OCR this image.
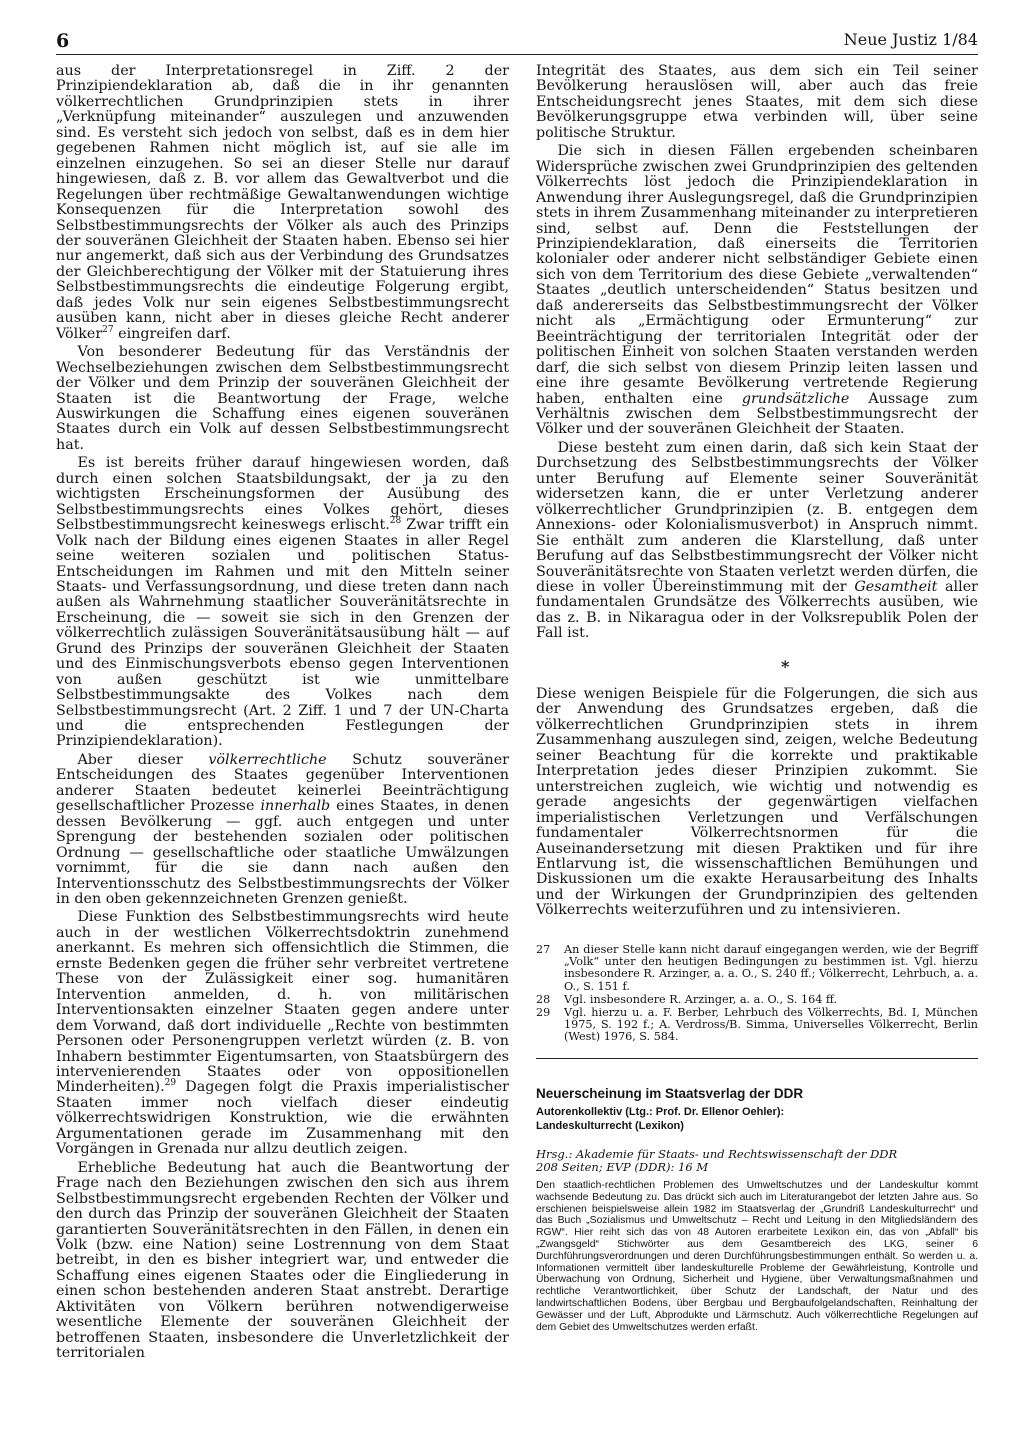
6	Neue Justiz 1/84

aus der Interpretationsregel in Ziff. 2 der Prinzipiendeklaration ab, daß die in ihr genannten völkerrechtlichen Grundprinzipien stets in ihrer „Verknüpfung miteinander“ auszulegen und anzuwenden sind. Es versteht sich jedoch von selbst, daß es in dem hier gegebenen Rahmen nicht möglich ist, auf sie alle im einzelnen einzugehen. So sei an dieser Stelle nur darauf hingewiesen, daß z. B. vor allem das Gewaltverbot und die Regelungen über rechtmäßige Gewaltanwendungen wichtige Konsequenzen für die Interpretation sowohl des Selbstbestimmungsrechts der Völker als auch des Prinzips der souveränen Gleichheit der Staaten haben. Ebenso sei hier nur angemerkt, daß sich aus der Verbindung des Grundsatzes der Gleichberechtigung der Völker mit der Statuierung ihres Selbstbestimmungsrechts die eindeutige Folgerung ergibt, daß jedes Volk nur sein eigenes Selbstbestimmungsrecht ausüben kann, nicht aber in dieses gleiche Recht anderer Völker$^{27}$ eingreifen darf.

Von besonderer Bedeutung für das Verständnis der Wechselbeziehungen zwischen dem Selbstbestimmungsrecht der Völker und dem Prinzip der souveränen Gleichheit der Staaten ist die Beantwortung der Frage, welche Auswirkungen die Schaffung eines eigenen souveränen Staates durch ein Volk auf dessen Selbstbestimmungsrecht hat.

Es ist bereits früher darauf hingewiesen worden, daß durch einen solchen Staatsbildungsakt, der ja zu den wichtigsten Erscheinungsformen der Ausübung des Selbstbestimmungsrechts eines Volkes gehört, dieses Selbstbestimmungsrecht keineswegs erlischt.$^{28}$ Zwar trifft ein Volk nach der Bildung eines eigenen Staates in aller Regel seine weiteren sozialen und politischen Status-Entscheidungen im Rahmen und mit den Mitteln seiner Staats- und Verfassungsordnung, und diese treten dann nach außen als Wahrnehmung staatlicher Souveränitätsrechte in Erscheinung, die — soweit sie sich in den Grenzen der völkerrechtlich zulässigen Souveränitätsausübung hält — auf Grund des Prinzips der souveränen Gleichheit der Staaten und des Einmischungsverbots ebenso gegen Interventionen von außen geschützt ist wie unmittelbare Selbstbestimmungsakte des Volkes nach dem Selbstbestimmungsrecht (Art. 2 Ziff. 1 und 7 der UN-Charta und die entsprechenden Festlegungen der Prinzipiendeklaration).

Aber dieser völkerrechtliche Schutz souveräner Entscheidungen des Staates gegenüber Interventionen anderer Staaten bedeutet keinerlei Beeinträchtigung gesellschaftlicher Prozesse innerhalb eines Staates, in denen dessen Bevölkerung — ggf. auch entgegen und unter Sprengung der bestehenden sozialen oder politischen Ordnung — gesellschaftliche oder staatliche Umwälzungen vornimmt, für die sie dann nach außen den Interventionsschutz des Selbstbestimmungsrechts der Völker in den oben gekennzeichneten Grenzen genießt.

Diese Funktion des Selbstbestimmungsrechts wird heute auch in der westlichen Völkerrechtsdoktrin zunehmend anerkannt. Es mehren sich offensichtlich die Stimmen, die ernste Bedenken gegen die früher sehr verbreitet vertretene These von der Zulässigkeit einer sog. humanitären Intervention anmelden, d. h. von militärischen Interventionsakten einzelner Staaten gegen andere unter dem Vorwand, daß dort individuelle „Rechte von bestimmten Personen oder Personengruppen verletzt würden (z. B. von Inhabern bestimmter Eigentumsarten, von Staatsbürgern des intervenierenden Staates oder von oppositionellen Minderheiten).$^{29}$ Dagegen folgt die Praxis imperialistischer Staaten immer noch vielfach dieser eindeutig völkerrechtswidrigen Konstruktion, wie die erwähnten Argumentationen gerade im Zusammenhang mit den Vorgängen in Grenada nur allzu deutlich zeigen.

Erhebliche Bedeutung hat auch die Beantwortung der Frage nach den Beziehungen zwischen den sich aus ihrem Selbstbestimmungsrecht ergebenden Rechten der Völker und den durch das Prinzip der souveränen Gleichheit der Staaten garantierten Souveränitätsrechten in den Fällen, in denen ein Volk (bzw. eine Nation) seine Lostrennung von dem Staat betreibt, in den es bisher integriert war, und entweder die Schaffung eines eigenen Staates oder die Eingliederung in einen schon bestehenden anderen Staat anstrebt. Derartige Aktivitäten von Völkern berühren notwendigerweise wesentliche Elemente der souveränen Gleichheit der betroffenen Staaten, insbesondere die Unverletzlichkeit der territorialen

Integrität des Staates, aus dem sich ein Teil seiner Bevölkerung herauslösen will, aber auch das freie Entscheidungsrecht jenes Staates, mit dem sich diese Bevölkerungsgruppe etwa verbinden will, über seine politische Struktur.

Die sich in diesen Fällen ergebenden scheinbaren Widersprüche zwischen zwei Grundprinzipien des geltenden Völkerrechts löst jedoch die Prinzipiendeklaration in Anwendung ihrer Auslegungsregel, daß die Grundprinzipien stets in ihrem Zusammenhang miteinander zu interpretieren sind, selbst auf. Denn die Feststellungen der Prinzipiendeklaration, daß einerseits die Territorien kolonialer oder anderer nicht selbständiger Gebiete einen sich von dem Territorium des diese Gebiete „verwaltenden“ Staates „deutlich unterscheidenden“ Status besitzen und daß andererseits das Selbstbestimmungsrecht der Völker nicht als „Ermächtigung oder Ermunterung“ zur Beeinträchtigung der territorialen Integrität oder der politischen Einheit von solchen Staaten verstanden werden darf, die sich selbst von diesem Prinzip leiten lassen und eine ihre gesamte Bevölkerung vertretende Regierung haben, enthalten eine grundsätzliche Aussage zum Verhältnis zwischen dem Selbstbestimmungsrecht der Völker und der souveränen Gleichheit der Staaten.

Diese besteht zum einen darin, daß sich kein Staat der Durchsetzung des Selbstbestimmungsrechts der Völker unter Berufung auf Elemente seiner Souveränität widersetzen kann, die er unter Verletzung anderer völkerrechtlicher Grundprinzipien (z. B. entgegen dem Annexions- oder Kolonialismusverbot) in Anspruch nimmt. Sie enthält zum anderen die Klarstellung, daß unter Berufung auf das Selbstbestimmungsrecht der Völker nicht Souveränitätsrechte von Staaten verletzt werden dürfen, die diese in voller Übereinstimmung mit der Gesamtheit aller fundamentalen Grundsätze des Völkerrechts ausüben, wie das z. B. in Nikaragua oder in der Volksrepublik Polen der Fall ist.

*

Diese wenigen Beispiele für die Folgerungen, die sich aus der Anwendung des Grundsatzes ergeben, daß die völkerrechtlichen Grundprinzipien stets in ihrem Zusammenhang auszulegen sind, zeigen, welche Bedeutung seiner Beachtung für die korrekte und praktikable Interpretation jedes dieser Prinzipien zukommt. Sie unterstreichen zugleich, wie wichtig und notwendig es gerade angesichts der gegenwärtigen vielfachen imperialistischen Verletzungen und Verfälschungen fundamentaler Völkerrechtsnormen für die Auseinandersetzung mit diesen Praktiken und für ihre Entlarvung ist, die wissenschaftlichen Bemühungen und Diskussionen um die exakte Herausarbeitung des Inhalts und der Wirkungen der Grundprinzipien des geltenden Völkerrechts weiterzuführen und zu intensivieren.

27 An dieser Stelle kann nicht darauf eingegangen werden, wie der Begriff „Volk“ unter den heutigen Bedingungen zu bestimmen ist. Vgl. hierzu insbesondere R. Arzinger, a. a. O., S. 240 ff.; Völkerrecht, Lehrbuch, a. a. O., S. 151 f.
28 Vgl. insbesondere R. Arzinger, a. a. O., S. 164 ff.
29 Vgl. hierzu u. a. F. Berber, Lehrbuch des Völkerrechts, Bd. I, München 1975, S. 192 f.; A. Verdross/B. Simma, Universelles Völkerrecht, Berlin (West) 1976, S. 584.
Neuerscheinung im Staatsverlag der DDR
Autorenkollektiv (Ltg.: Prof. Dr. Ellenor Oehler):
Landeskulturrecht (Lexikon)
Hrsg.: Akademie für Staats- und Rechtswissenschaft der DDR
208 Seiten; EVP (DDR): 16 M
Den staatlich-rechtlichen Problemen des Umweltschutzes und der Landeskultur kommt wachsende Bedeutung zu. Das drückt sich auch im Literaturangebot der letzten Jahre aus. So erschienen beispielsweise allein 1982 im Staatsverlag der „Grundriß Landeskulturrecht“ und das Buch „Sozialismus und Umweltschutz – Recht und Leitung in den Mitgliedsländern des RGW“. Hier reiht sich das von 48 Autoren erarbeitete Lexikon ein, das von „Abfall“ bis „Zwangsgeld“ Stichwörter aus dem Gesamtbereich des LKG, seiner 6 Durchführungsverordnungen und deren Durchführungsbestimmungen enthält. So werden u. a. Informationen vermittelt über landeskulturelle Probleme der Gewährleistung, Kontrolle und Überwachung von Ordnung, Sicherheit und Hygiene, über Verwaltungsmaßnahmen und rechtliche Verantwortlichkeit, über Schutz der Landschaft, der Natur und des landwirtschaftlichen Bodens, über Bergbau und Bergbaufolgelandschaften, Reinhaltung der Gewässer und der Luft, Abprodukte und Lärmschutz. Auch völkerrechtliche Regelungen auf dem Gebiet des Umweltschutzes werden erfaßt.
